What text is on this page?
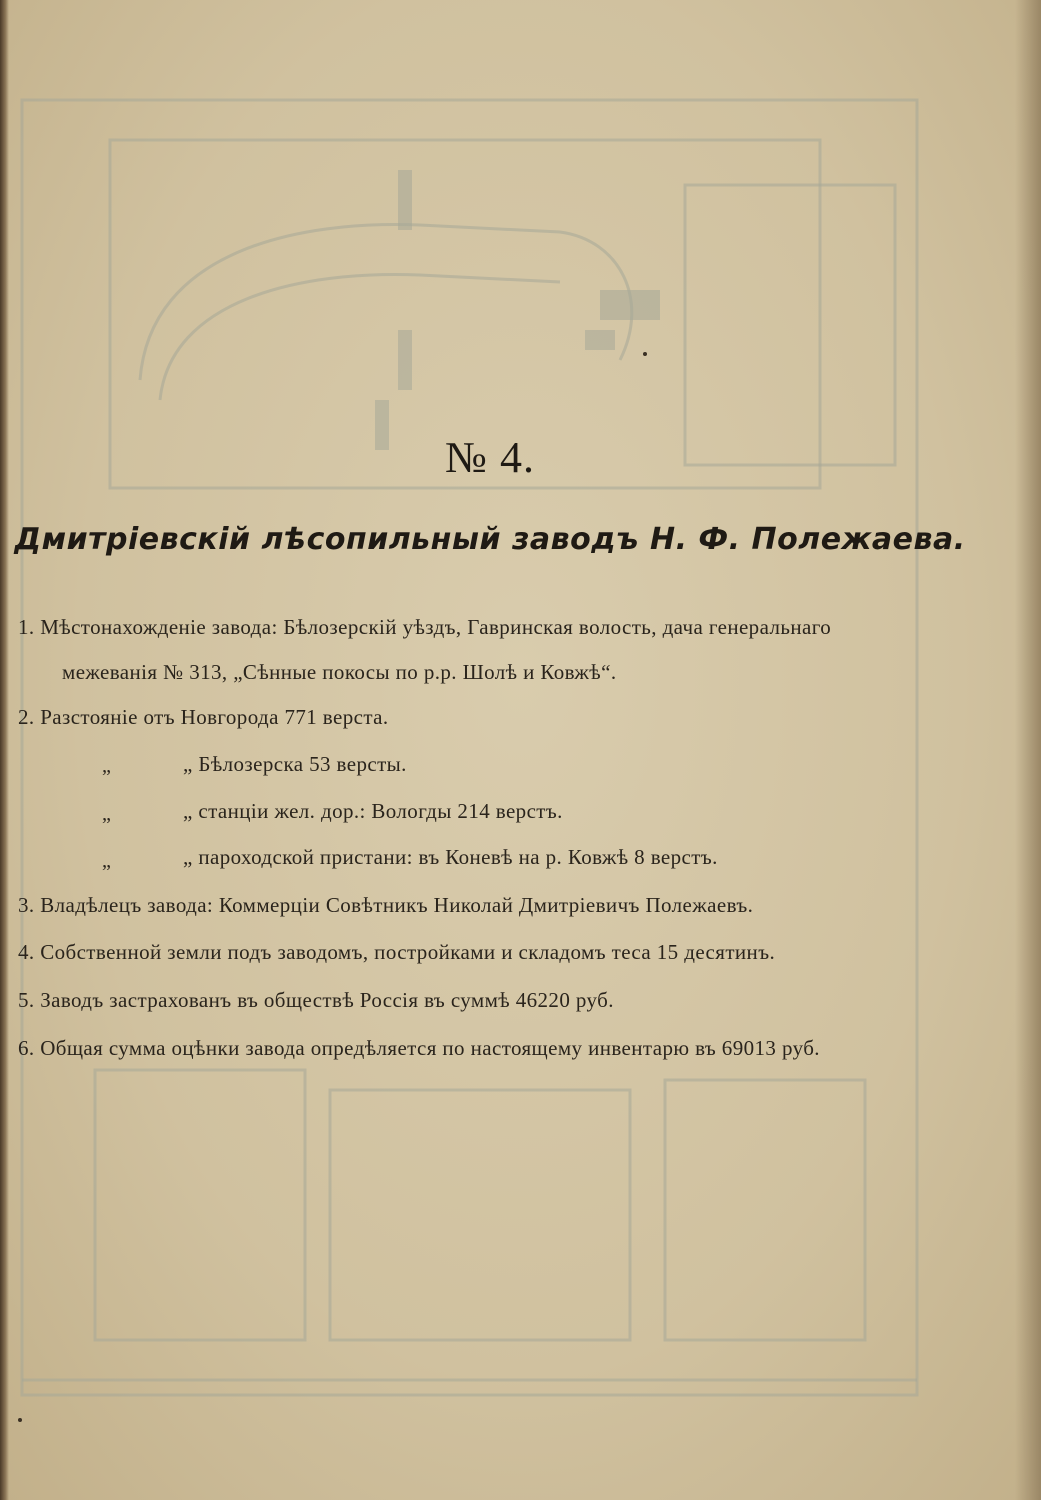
№ 4.
Дмитріевскій лѣсопильный заводъ Н. Ф. Полежаева.
1. Мѣстонахожденіе завода: Бѣлозерскій уѣздъ, Гавринская волость, дача генеральнаго
межеванія № 313, „Сѣнные покосы по р.р. Шолѣ и Ковжѣ“.
2. Разстояніе отъ Новгорода 771 верста.
„	„ Бѣлозерска 53 версты.
„	„ станціи жел. дор.: Вологды 214 верстъ.
„	„ пароходской пристани: въ Коневѣ на р. Ковжѣ 8 верстъ.
3. Владѣлецъ завода: Коммерціи Совѣтникъ Николай Дмитріевичъ Полежаевъ.
4. Собственной земли подъ заводомъ, постройками и складомъ теса 15 десятинъ.
5. Заводъ застрахованъ въ обществѣ Россія въ суммѣ 46220 руб.
6. Общая сумма оцѣнки завода опредѣляется по настоящему инвентарю въ 69013 руб.
